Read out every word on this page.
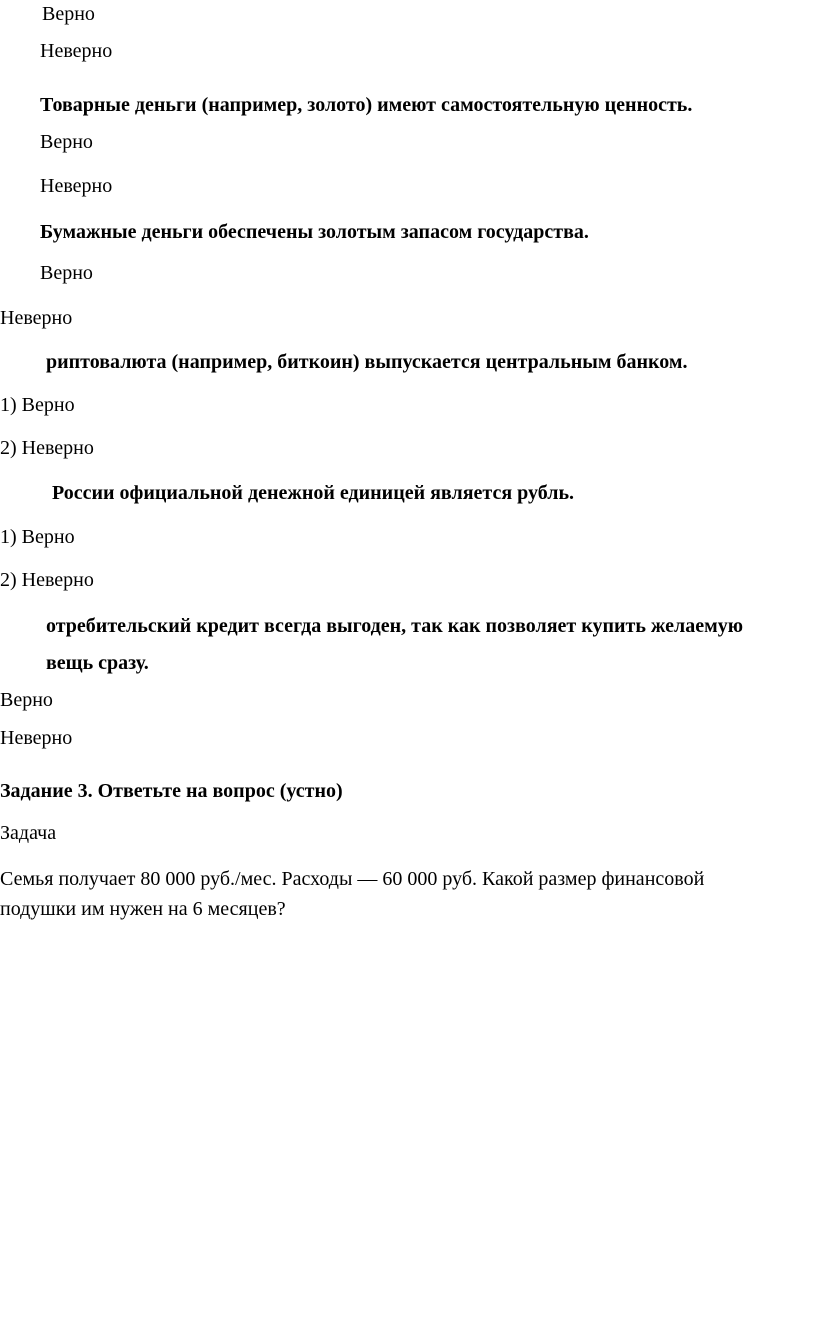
Верно
Неверно
Товарные деньги (например, золото) имеют самостоятельную ценность.
Верно
Неверно
Бумажные деньги обеспечены золотым запасом государства.
Верно
Неверно
риптовалюта (например, биткоин) выпускается центральным банком.
1) Верно
2) Неверно
России официальной денежной единицей является рубль.
1) Верно
2) Неверно
отребительский кредит всегда выгоден, так как позволяет купить желаемую
вещь сразу.
Верно
Неверно
Задание 3. Ответьте на вопрос (устно)
Задача
Семья получает 80 000 руб./мес. Расходы — 60 000 руб. Какой размер финансовой
подушки им нужен на 6 месяцев?
